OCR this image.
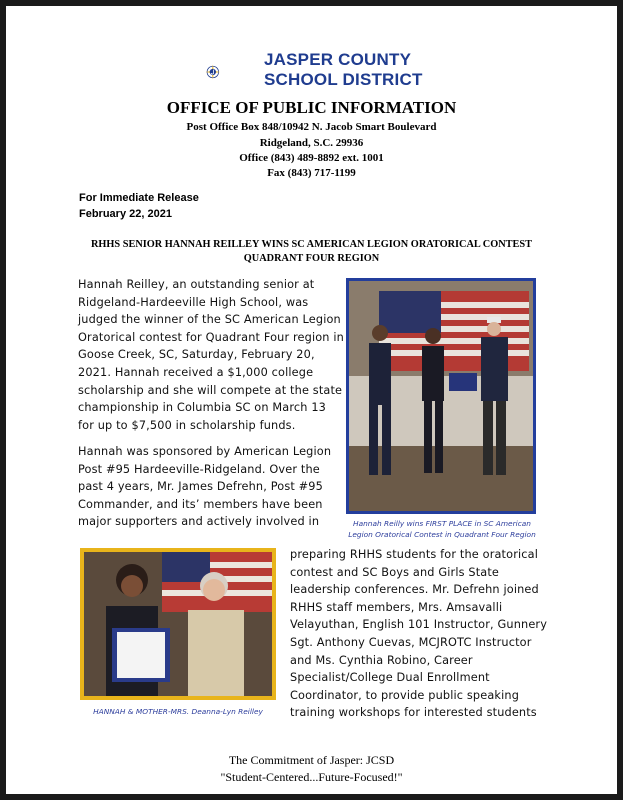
JASPER COUNTY
SCHOOL DISTRICT
OFFICE OF PUBLIC INFORMATION
Post Office Box 848/10942 N. Jacob Smart Boulevard
Ridgeland, S.C. 29936
Office (843) 489-8892 ext. 1001
Fax (843) 717-1199
For Immediate Release
February 22, 2021
RHHS SENIOR HANNAH REILLEY WINS SC AMERICAN LEGION ORATORICAL CONTEST
QUADRANT FOUR REGION
Hannah Reilley, an outstanding senior at
Ridgeland-Hardeeville High School, was
judged the winner of the SC American Legion
Oratorical contest for Quadrant Four region in
Goose Creek, SC, Saturday, February 20,
2021. Hannah received a $1,000 college
scholarship and she will compete at the state
championship in Columbia SC on March 13
for up to $7,500 in scholarship funds.
Hannah was sponsored by American Legion
Post #95 Hardeeville-Ridgeland. Over the
past 4 years, Mr. James Defrehn, Post #95
Commander, and its’ members have been
major supporters and actively involved in	Hannah Reilly wins FIRST PLACE in SC American
Legion Oratorical Contest in Quadrant Four Region
HANNAH & MOTHER-MRS. Deanna-Lyn Reilley
preparing RHHS students for the oratorical
contest and SC Boys and Girls State
leadership conferences. Mr. Defrehn joined
RHHS staff members, Mrs. Amsavalli
Velayuthan, English 101 Instructor, Gunnery
Sgt. Anthony Cuevas, MCJROTC Instructor
and Ms. Cynthia Robino, Career
Specialist/College Dual Enrollment
Coordinator, to provide public speaking
training workshops for interested students
The Commitment of Jasper: JCSD
"Student-Centered...Future-Focused!"
